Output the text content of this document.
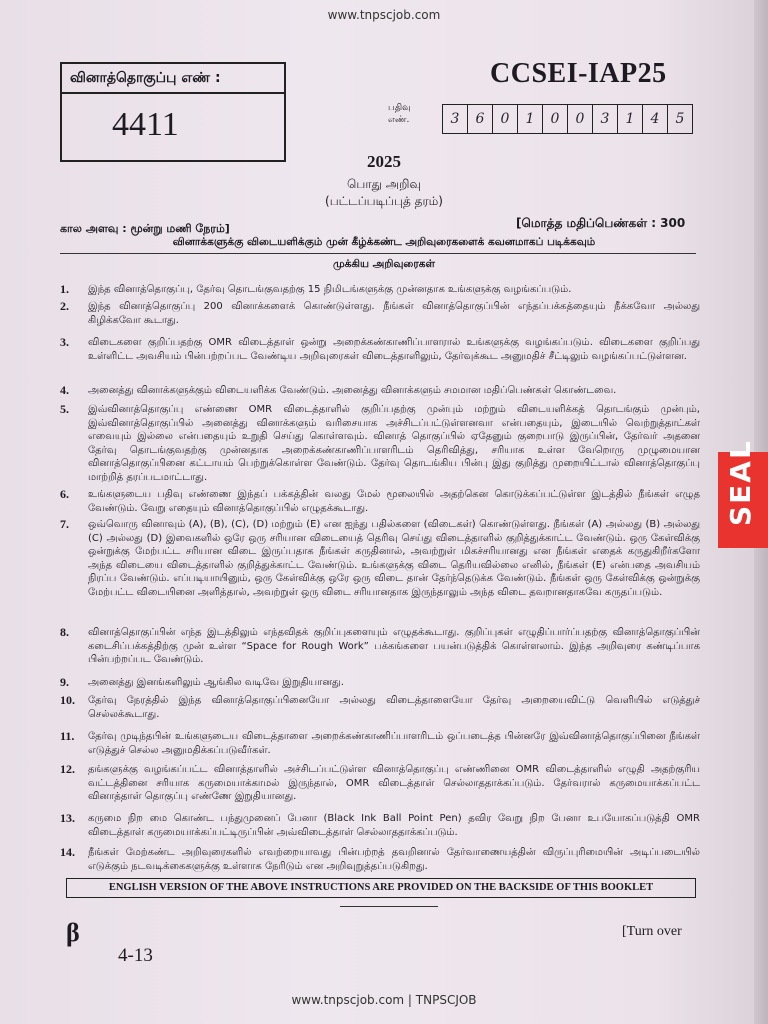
www.tnpscjob.com
வினாத்தொகுப்பு எண் :
4411
CCSEI-IAP25
பதிவு
எண்.	3	6	0	1	0	0	3	1	4	5
2025
பொது அறிவு
(பட்டப்படிப்புத் தரம்)
கால அளவு : மூன்று மணி நேரம்]	[மொத்த மதிப்பெண்கள் : 300
வினாக்களுக்கு விடையளிக்கும் முன் கீழ்க்கண்ட அறிவுரைகளைக் கவனமாகப் படிக்கவும்
முக்கிய அறிவுரைகள்
1.	இந்த வினாத்தொகுப்பு, தேர்வு தொடங்குவதற்கு 15 நிமிடங்களுக்கு முன்னதாக உங்களுக்கு வழங்கப்படும்.
2.	இந்த வினாத்தொகுப்பு 200 வினாக்களைக் கொண்டுள்ளது. நீங்கள் வினாத்தொகுப்பின் எந்தப்பக்கத்தையும் நீக்கவோ அல்லது கிழிக்கவோ கூடாது.
3.	விடைகளை குறிப்பதற்கு OMR விடைத்தாள் ஒன்று அறைக்கண்காணிப்பாளரால் உங்களுக்கு வழங்கப்படும். விடைகளை குறிப்பது உள்ளிட்ட அவசியம் பின்பற்றப்பட வேண்டிய அறிவுரைகள் விடைத்தாளிலும், தேர்வுக்கூட அனுமதிச் சீட்டிலும் வழங்கப்பட்டுள்ளன.
4.	அனைத்து வினாக்களுக்கும் விடையளிக்க வேண்டும். அனைத்து வினாக்களும் சமமான மதிப்பெண்கள் கொண்டவை.
5.	இவ்வினாத்தொகுப்பு எண்ணை OMR விடைத்தாளில் குறிப்பதற்கு முன்பும் மற்றும் விடையளிக்கத் தொடங்கும் முன்பும், இவ்வினாத்தொகுப்பில் அனைத்து வினாக்களும் வரிசையாக அச்சிடப்பட்டுள்ளனவா என்பதையும், இடையில் வெற்றுத்தாட்கள் எவையும் இல்லை என்பதையும் உறுதி செய்து கொள்ளவும். வினாத் தொகுப்பில் ஏதேனும் குறைபாடு இருப்பின், தேர்வர் அதனை தேர்வு தொடங்குவதற்கு முன்னதாக அறைக்கண்காணிப்பாளரிடம் தெரிவித்து, சரியாக உள்ள வேறொரு முழுமையான வினாத்தொகுப்பினை கட்டாயம் பெற்றுக்கொள்ள வேண்டும். தேர்வு தொடங்கிய பின்பு இது குறித்து முறையிட்டால் வினாத்தொகுப்பு மாற்றித் தரப்படமாட்டாது.
6.	உங்களுடைய பதிவு எண்ணை இந்தப் பக்கத்தின் வலது மேல் மூலையில் அதற்கென கொடுக்கப்பட்டுள்ள இடத்தில் நீங்கள் எழுத வேண்டும். வேறு எதையும் வினாத்தொகுப்பில் எழுதக்கூடாது.
7.	ஒவ்வொரு வினாவும் (A), (B), (C), (D) மற்றும் (E) என ஐந்து பதில்களை (விடைகள்) கொண்டுள்ளது. நீங்கள் (A) அல்லது (B) அல்லது (C) அல்லது (D) இவைகளில் ஒரே ஒரு சரியான விடையைத் தெரிவு செய்து விடைத்தாளில் குறித்துக்காட்ட வேண்டும். ஒரு கேள்விக்கு ஒன்றுக்கு மேற்பட்ட சரியான விடை இருப்பதாக நீங்கள் கருதினால், அவற்றுள் மிகச்சரியானது என நீங்கள் எதைக் கருதுகிறீர்களோ அந்த விடையை விடைத்தாளில் குறித்துக்காட்ட வேண்டும். உங்களுக்கு விடை தெரியவில்லை எனில், நீங்கள் (E) என்பதை அவசியம் நிரப்ப வேண்டும். எப்படியாயினும், ஒரு கேள்விக்கு ஒரே ஒரு விடை தான் தேர்ந்தெடுக்க வேண்டும். நீங்கள் ஒரு கேள்விக்கு ஒன்றுக்கு மேற்பட்ட விடையினை அளித்தால், அவற்றுள் ஒரு விடை சரியானதாக இருந்தாலும் அந்த விடை தவறானதாகவே கருதப்படும்.
8.	வினாத்தொகுப்பின் எந்த இடத்திலும் எந்தவிதக் குறிப்புகளையும் எழுதக்கூடாது. குறிப்புகள் எழுதிப்பார்ப்பதற்கு வினாத்தொகுப்பின் கடைசிப்பக்கத்திற்கு முன் உள்ள “Space for Rough Work” பக்கங்களை பயன்படுத்திக் கொள்ளலாம். இந்த அறிவுரை கண்டிப்பாக பின்பற்றப்பட வேண்டும்.
9.	அனைத்து இனங்களிலும் ஆங்கில வடிவே இறுதியானது.
10.	தேர்வு நேரத்தில் இந்த வினாத்தொகுப்பினையோ அல்லது விடைத்தாளையோ தேர்வு அறையைவிட்டு வெளியில் எடுத்துச் செல்லக்கூடாது.
11.	தேர்வு முடிந்தபின் உங்களுடைய விடைத்தாளை அறைக்கண்காணிப்பாளரிடம் ஒப்படைத்த பின்னரே இவ்வினாத்தொகுப்பினை நீங்கள் எடுத்துச் செல்ல அனுமதிக்கப்படுவீர்கள்.
12.	தங்களுக்கு வழங்கப்பட்ட வினாத்தாளில் அச்சிடப்பட்டுள்ள வினாத்தொகுப்பு எண்ணினை OMR விடைத்தாளில் எழுதி அதற்குரிய வட்டத்தினை சரியாக கருமையாக்காமல் இருந்தால், OMR விடைத்தாள் செல்லாததாக்கப்படும். தேர்வரால் கருமையாக்கப்பட்ட வினாத்தாள் தொகுப்பு எண்ணே இறுதியானது.
13.	கருமை நிற மை கொண்ட பந்துமுனைப் பேனா (Black Ink Ball Point Pen) தவிர வேறு நிற பேனா உபயோகப்படுத்தி OMR விடைத்தாள் கருமையாக்கப்பட்டிருப்பின் அவ்விடைத்தாள் செல்லாததாக்கப்படும்.
14.	நீங்கள் மேற்கண்ட அறிவுரைகளில் எவற்றையாவது பின்பற்றத் தவறினால் தேர்வாணையத்தின் விருப்புரிமையின் அடிப்படையில் எடுக்கும் நடவடிக்கைகளுக்கு உள்ளாக நேரிடும் என அறிவுறுத்தப்படுகிறது.
ENGLISH VERSION OF THE ABOVE INSTRUCTIONS ARE PROVIDED ON THE BACKSIDE OF THIS BOOKLET
β	[Turn over
4-13
SEAL
www.tnpscjob.com | TNPSCJOB
